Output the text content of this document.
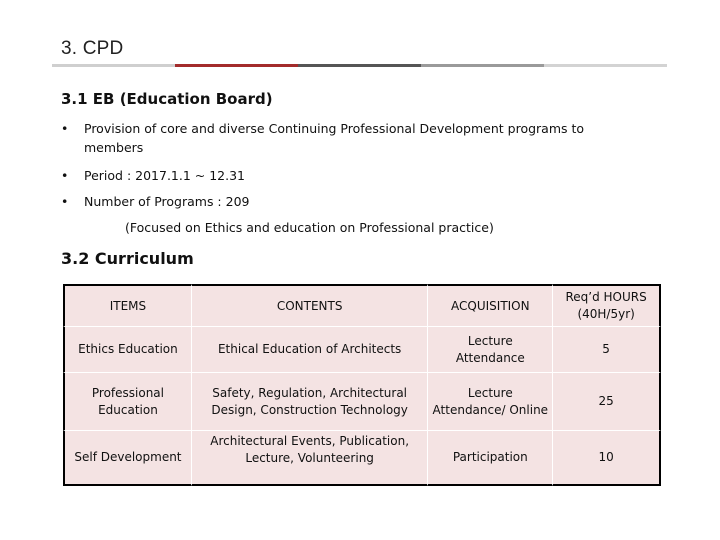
3. CPD
3.1 EB (Education Board)
• Provision of core and diverse Continuing Professional Development programs to members
• Period : 2017.1.1 ~ 12.31
• Number of Programs : 209
(Focused on Ethics and education on Professional practice)
3.2 Curriculum
ITEMS	CONTENTS	ACQUISITION	Req’d HOURS (40H/5yr)
Ethics Education	Ethical Education of Architects	Lecture Attendance	5
Professional Education	Safety, Regulation, Architectural Design, Construction Technology	Lecture Attendance/ Online	25
Self Development	Architectural Events, Publication, Lecture, Volunteering	Participation	10
